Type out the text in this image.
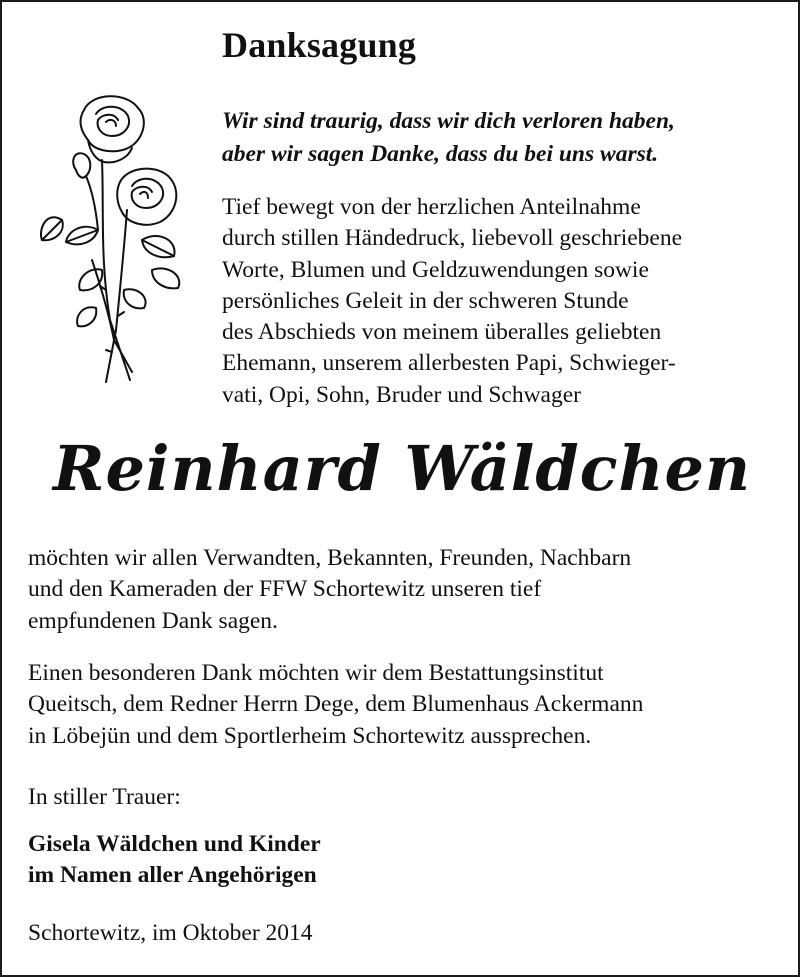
Danksagung
Wir sind traurig, dass wir dich verloren haben,
aber wir sagen Danke, dass du bei uns warst.
Tief bewegt von der herzlichen Anteilnahme
durch stillen Händedruck, liebevoll geschriebene
Worte, Blumen und Geldzuwendungen sowie
persönliches Geleit in der schweren Stunde
des Abschieds von meinem überalles geliebten
Ehemann, unserem allerbesten Papi, Schwieger-
vati, Opi, Sohn, Bruder und Schwager
Reinhard Wäldchen
möchten wir allen Verwandten, Bekannten, Freunden, Nachbarn
und den Kameraden der FFW Schortewitz unseren tief
empfundenen Dank sagen.
Einen besonderen Dank möchten wir dem Bestattungsinstitut
Queitsch, dem Redner Herrn Dege, dem Blumenhaus Ackermann
in Löbejün und dem Sportlerheim Schortewitz aussprechen.
In stiller Trauer:
Gisela Wäldchen und Kinder
im Namen aller Angehörigen
Schortewitz, im Oktober 2014
